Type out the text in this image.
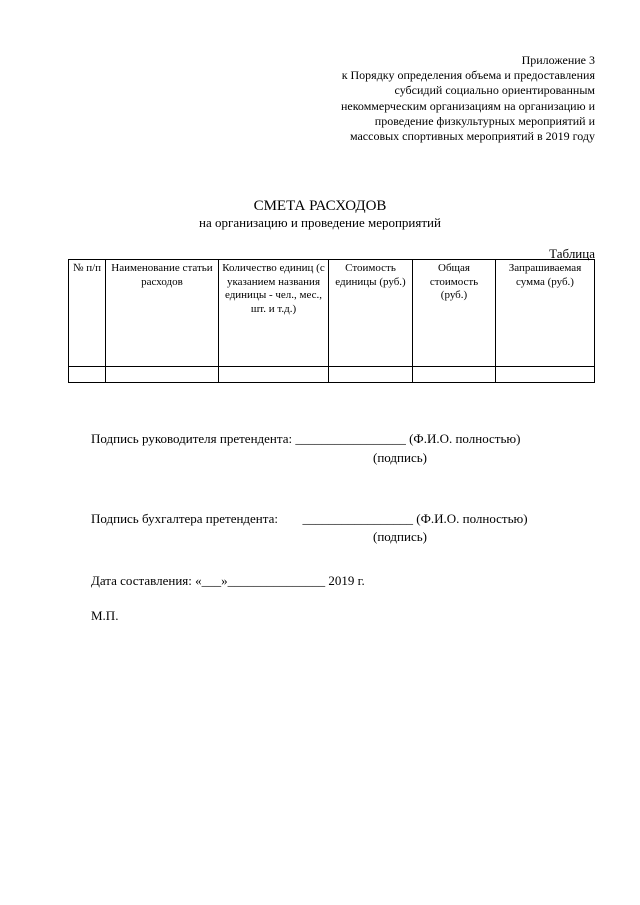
Приложение 3
к Порядку определения объема и предоставления
субсидий социально ориентированным
некоммерческим организациям на организацию и
проведение физкультурных мероприятий и
массовых спортивных мероприятий в 2019 году
СМЕТА РАСХОДОВ
на организацию и проведение мероприятий
Таблица
№ п/п	Наименование статьи расходов	Количество единиц (с указанием названия единицы - чел., мес., шт. и т.д.)	Стоимость единицы (руб.)	Общая стоимость (руб.)	Запрашиваемая сумма (руб.)

Подпись руководителя претендента: _________________ (Ф.И.О. полностью)
(подпись)
Подпись бухгалтера претендента: _________________ (Ф.И.О. полностью)
(подпись)
Дата составления: «___»_______________ 2019 г.
М.П.
